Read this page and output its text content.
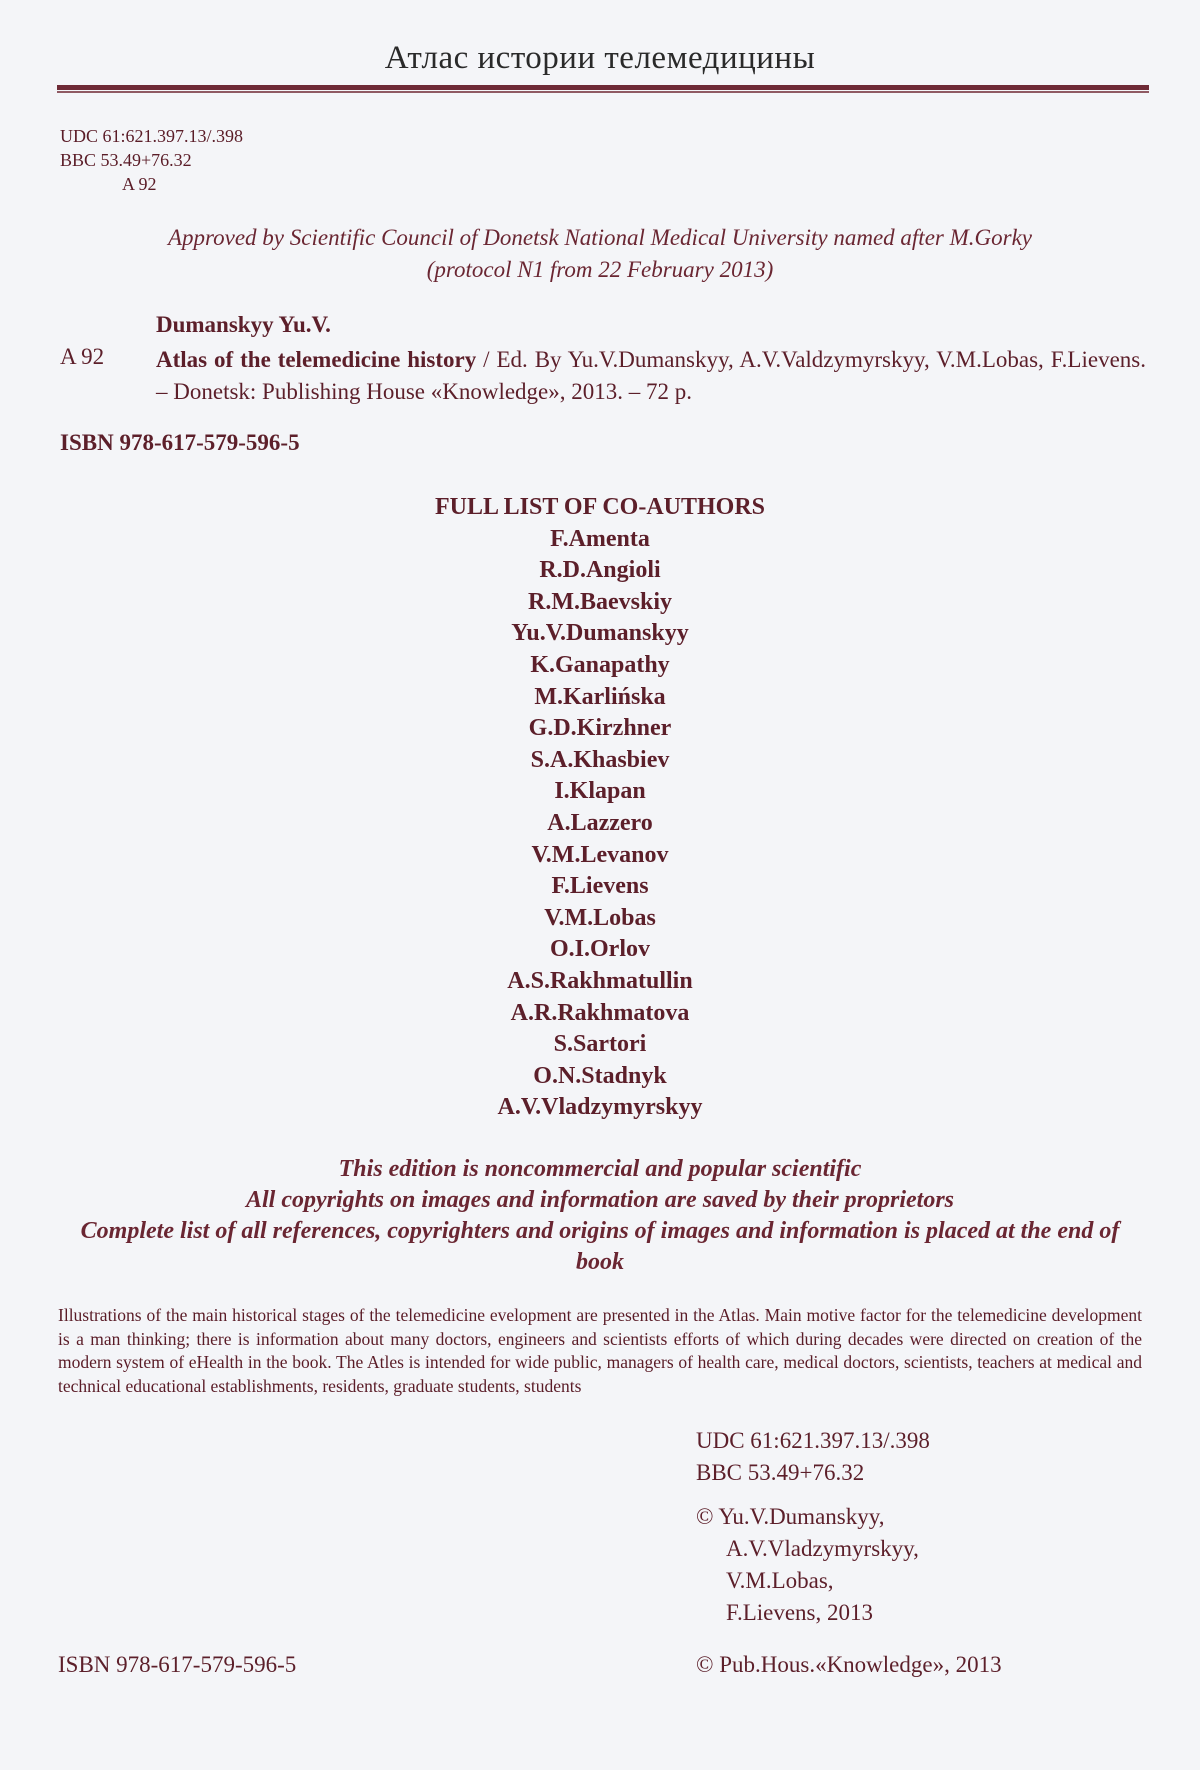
Атлас истории телемедицины
UDC 61:621.397.13/.398
BBC 53.49+76.32
A 92
Approved by Scientific Council of Donetsk National Medical University named after M.Gorky
(protocol N1 from 22 February 2013)
Dumanskyy Yu.V.
A 92 Atlas of the telemedicine history / Ed. By Yu.V.Dumanskyy, A.V.Valdzymyrskyy, V.M.Lobas, F.Lievens. – Donetsk: Publishing House «Knowledge», 2013. – 72 p.
ISBN 978-617-579-596-5
FULL LIST OF CO-AUTHORS
F.Amenta
R.D.Angioli
R.M.Baevskiy
Yu.V.Dumanskyy
K.Ganapathy
M.Karlińska
G.D.Kirzhner
S.A.Khasbiev
I.Klapan
A.Lazzero
V.M.Levanov
F.Lievens
V.M.Lobas
O.I.Orlov
A.S.Rakhmatullin
A.R.Rakhmatova
S.Sartori
O.N.Stadnyk
A.V.Vladzymyrskyy
This edition is noncommercial and popular scientific
All copyrights on images and information are saved by their proprietors
Complete list of all references, copyrighters and origins of images and information is placed at the end of book
Illustrations of the main historical stages of the telemedicine evelopment are presented in the Atlas. Main motive factor for the telemedicine development is a man thinking; there is information about many doctors, engineers and scientists efforts of which during decades were directed on creation of the modern system of eHealth in the book. The Atles is intended for wide public, managers of health care, medical doctors, scientists, teachers at medical and technical educational establishments, residents, graduate students, students
UDC 61:621.397.13/.398
BBC 53.49+76.32
© Yu.V.Dumanskyy,
A.V.Vladzymyrskyy,
V.M.Lobas,
F.Lievens, 2013
ISBN 978-617-579-596-5	© Pub.Hous.«Knowledge», 2013
